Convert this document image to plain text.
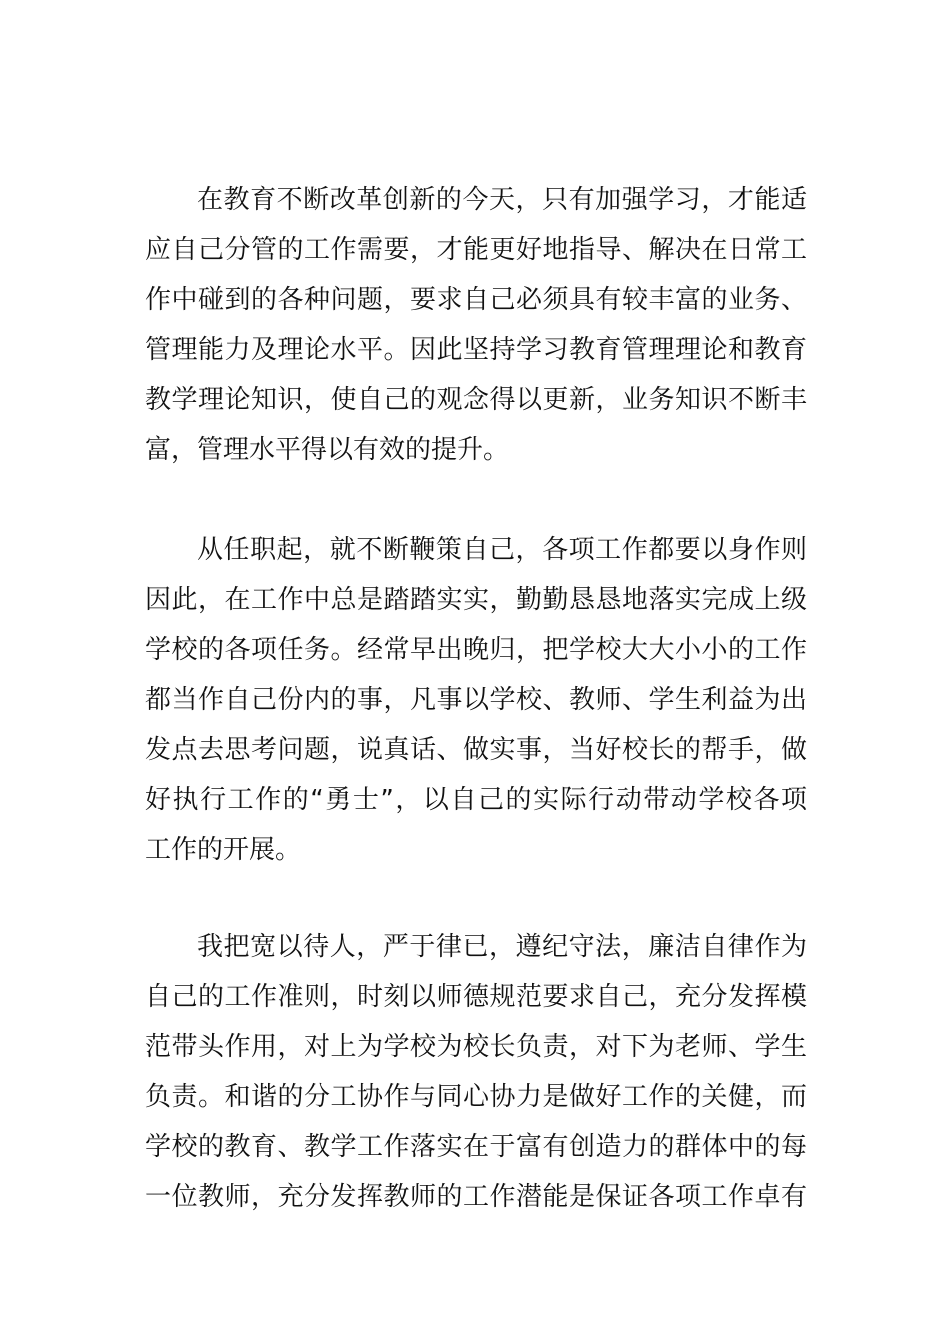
在教育不断改革创新的今天，只有加强学习，才能适
应自己分管的工作需要，才能更好地指导、解决在日常工
作中碰到的各种问题，要求自己必须具有较丰富的业务、
管理能力及理论水平。因此坚持学习教育管理理论和教育
教学理论知识，使自己的观念得以更新，业务知识不断丰
富，管理水平得以有效的提升。
从任职起，就不断鞭策自己，各项工作都要以身作则
因此，在工作中总是踏踏实实，勤勤恳恳地落实完成上级
学校的各项任务。经常早出晚归，把学校大大小小的工作
都当作自己份内的事，凡事以学校、教师、学生利益为出
发点去思考问题，说真话、做实事，当好校长的帮手，做
好执行工作的“勇士”，以自己的实际行动带动学校各项
工作的开展。
我把宽以待人，严于律已，遵纪守法，廉洁自律作为
自己的工作准则，时刻以师德规范要求自己，充分发挥模
范带头作用，对上为学校为校长负责，对下为老师、学生
负责。和谐的分工协作与同心协力是做好工作的关健，而
学校的教育、教学工作落实在于富有创造力的群体中的每
一位教师，充分发挥教师的工作潜能是保证各项工作卓有
